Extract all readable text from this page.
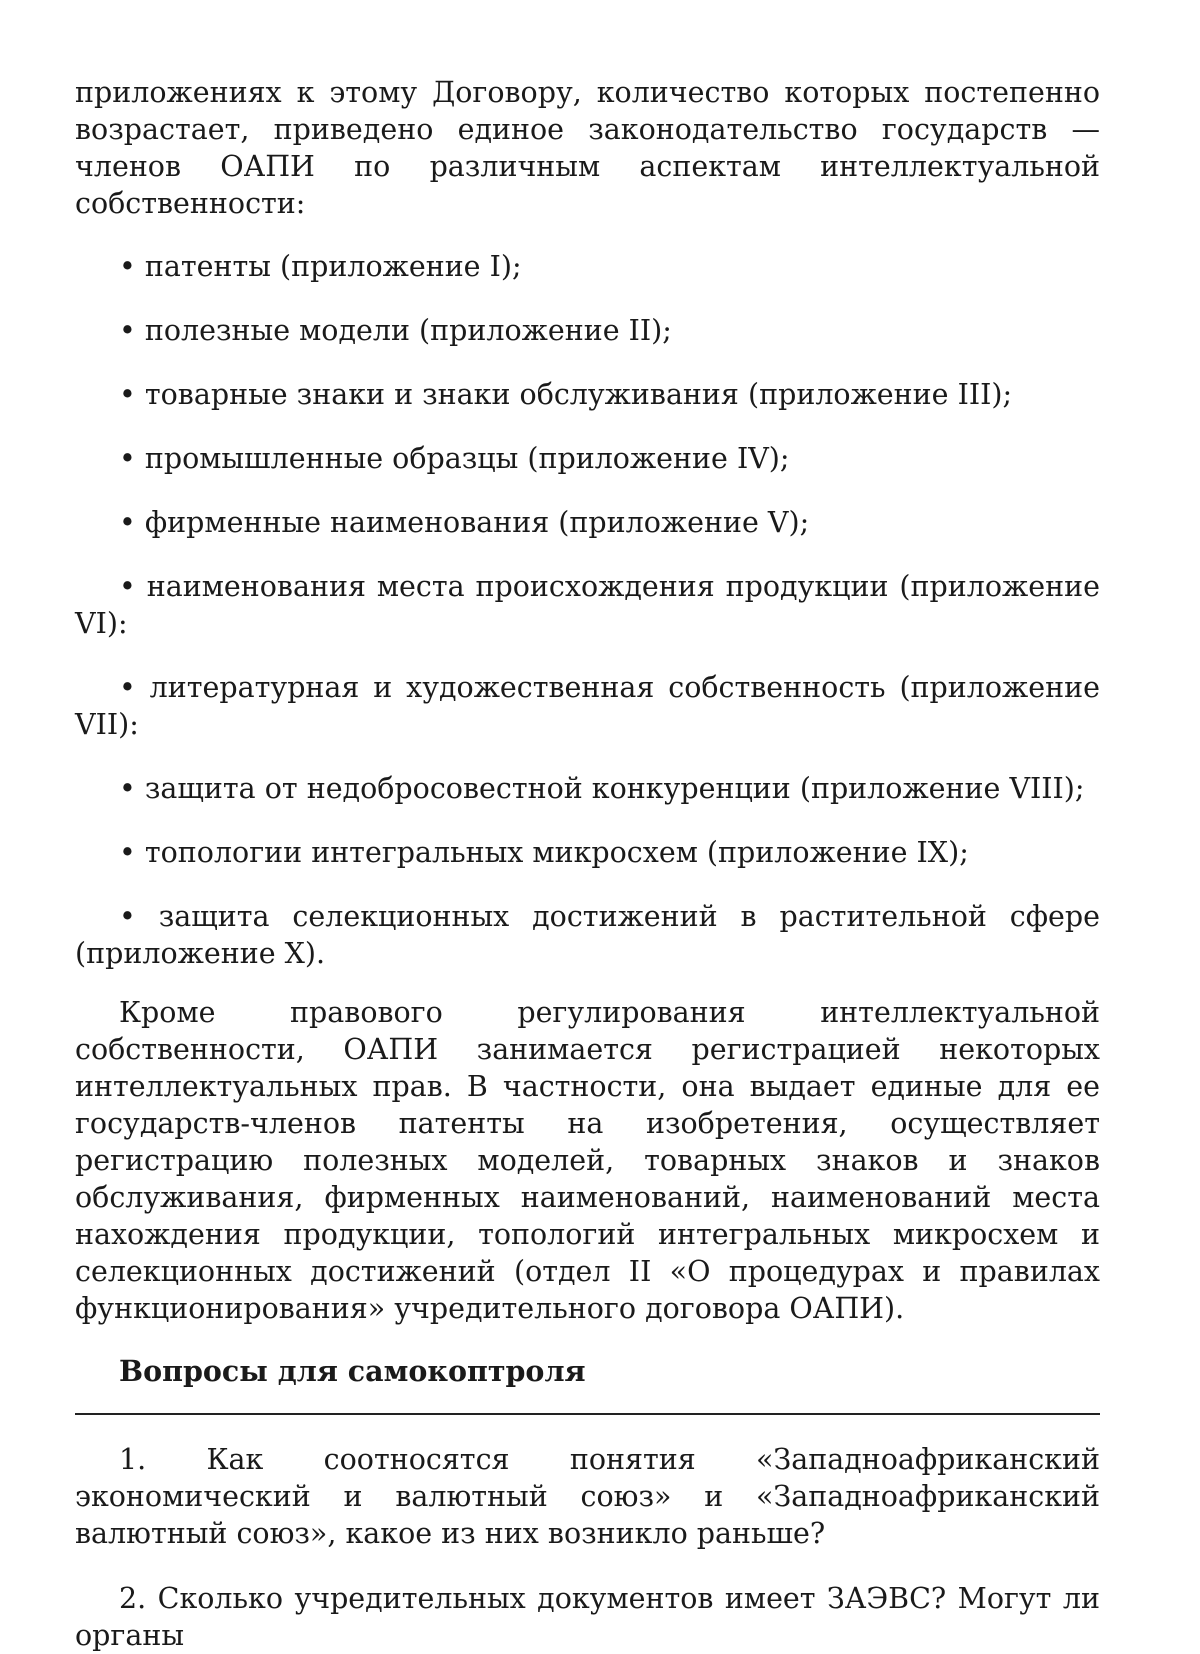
приложениях к этому Договору, количество которых постепенно возрастает, приведено единое законодательство государств — членов ОАПИ по различным аспектам интеллектуальной собственности:

• патенты (приложение I);

• полезные модели (приложение II);

• товарные знаки и знаки обслуживания (приложение III);

• промышленные образцы (приложение IV);

• фирменные наименования (приложение V);

• наименования места происхождения продукции (приложение VI):

• литературная и художественная собственность (приложение VII):

• защита от недобросовестной конкуренции (приложение VIII);

• топологии интегральных микросхем (приложение IX);

• защита селекционных достижений в растительной сфере (приложение X).

Кроме правового регулирования интеллектуальной собственности, ОАПИ занимается регистрацией некоторых интеллектуальных прав. В частности, она выдает единые для ее государств-членов патенты на изобретения, осуществляет регистрацию полезных моделей, товарных знаков и знаков обслуживания, фирменных наименований, наименований места нахождения продукции, топологий интегральных микросхем и селекционных достижений (отдел II «О процедурах и правилах функционирования» учредительного договора ОАПИ).

Вопросы для самокоптроля

1. Как соотносятся понятия «Западноафриканский экономический и валютный союз» и «Западноафриканский валютный союз», какое из них возникло раньше?

2. Сколько учредительных документов имеет ЗАЭВС? Могут ли органы
